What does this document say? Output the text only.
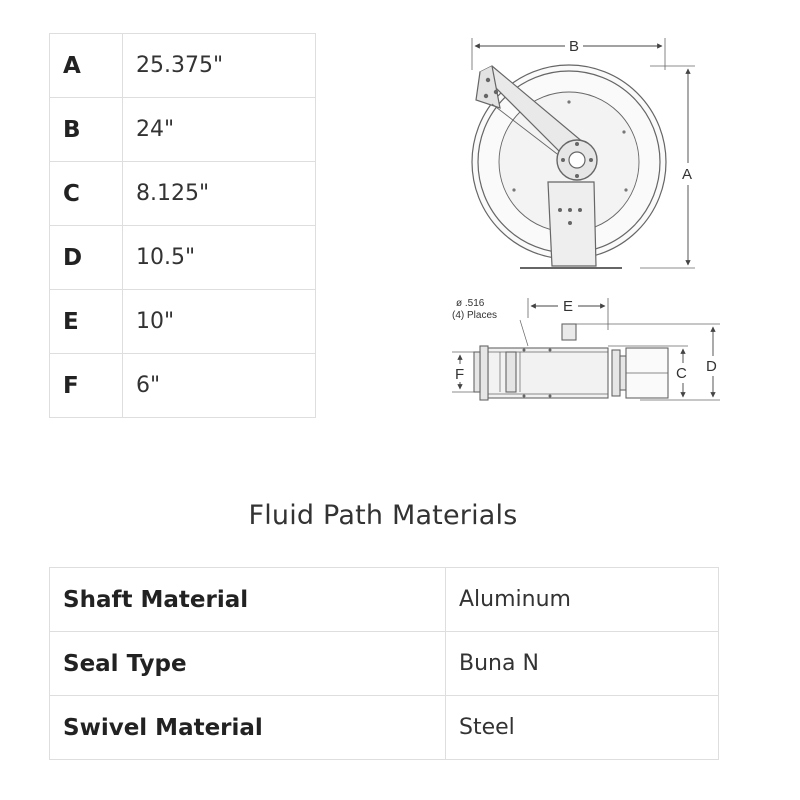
A	25.375"
B	24"
C	8.125"
D	10.5"
E	10"
F	6"
B
A
ø .516
(4) Places
E
D
C
F
Fluid Path Materials
Shaft Material	Aluminum
Seal Type	Buna N
Swivel Material	Steel
